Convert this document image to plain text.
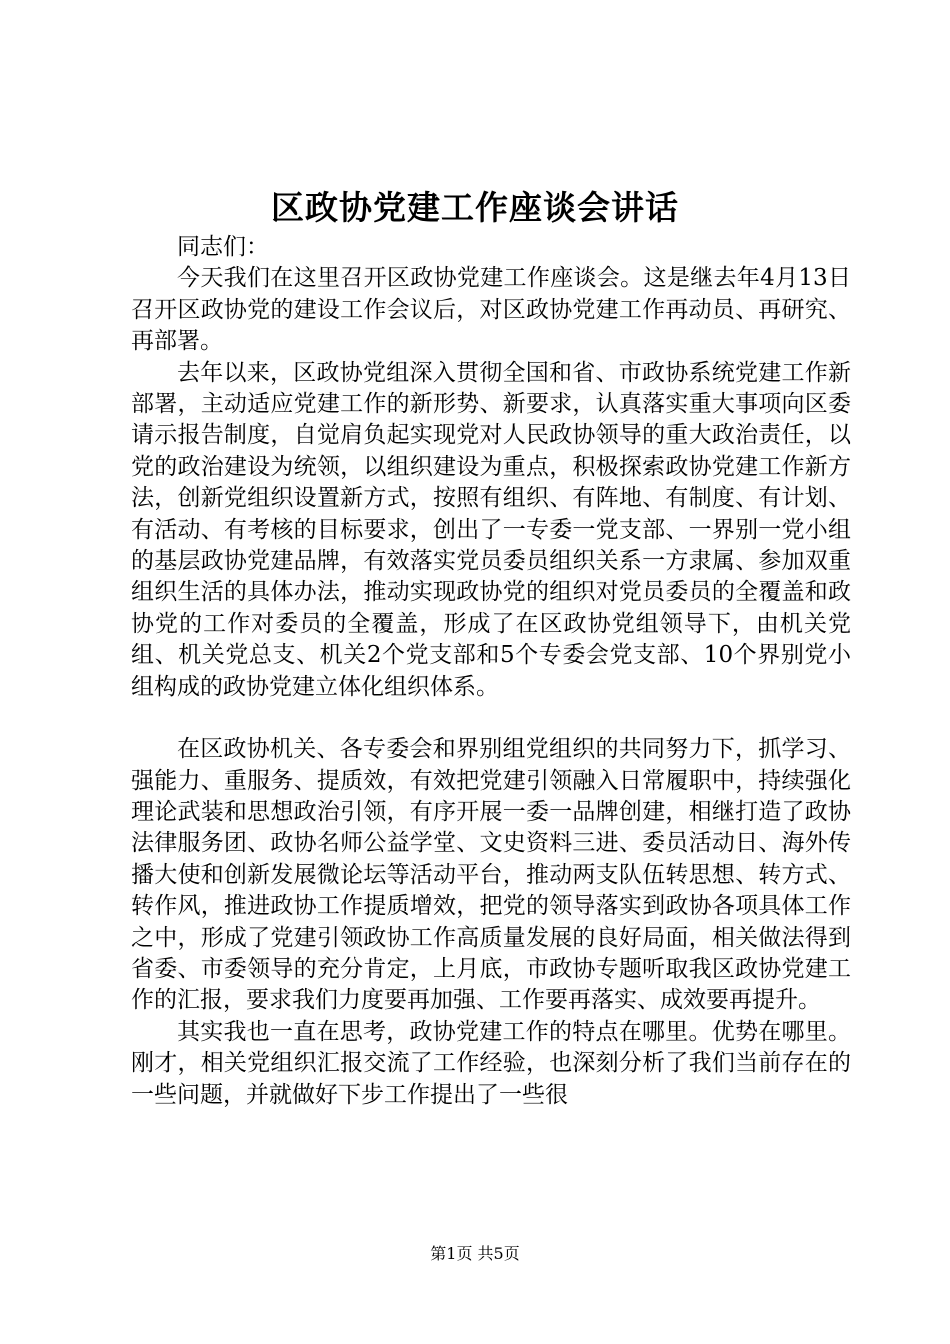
区政协党建工作座谈会讲话

同志们：

今天我们在这里召开区政协党建工作座谈会。这是继去年4月13日召开区政协党的建设工作会议后，对区政协党建工作再动员、再研究、再部署。

去年以来，区政协党组深入贯彻全国和省、市政协系统党建工作新部署，主动适应党建工作的新形势、新要求，认真落实重大事项向区委请示报告制度，自觉肩负起实现党对人民政协领导的重大政治责任，以党的政治建设为统领，以组织建设为重点，积极探索政协党建工作新方法，创新党组织设置新方式，按照有组织、有阵地、有制度、有计划、有活动、有考核的目标要求，创出了一专委一党支部、一界别一党小组的基层政协党建品牌，有效落实党员委员组织关系一方隶属、参加双重组织生活的具体办法，推动实现政协党的组织对党员委员的全覆盖和政协党的工作对委员的全覆盖，形成了在区政协党组领导下，由机关党组、机关党总支、机关2个党支部和5个专委会党支部、10个界别党小组构成的政协党建立体化组织体系。

在区政协机关、各专委会和界别组党组织的共同努力下，抓学习、强能力、重服务、提质效，有效把党建引领融入日常履职中，持续强化理论武装和思想政治引领，有序开展一委一品牌创建，相继打造了政协法律服务团、政协名师公益学堂、文史资料三进、委员活动日、海外传播大使和创新发展微论坛等活动平台，推动两支队伍转思想、转方式、转作风，推进政协工作提质增效，把党的领导落实到政协各项具体工作之中，形成了党建引领政协工作高质量发展的良好局面，相关做法得到省委、市委领导的充分肯定，上月底，市政协专题听取我区政协党建工作的汇报，要求我们力度要再加强、工作要再落实、成效要再提升。

其实我也一直在思考，政协党建工作的特点在哪里。优势在哪里。刚才，相关党组织汇报交流了工作经验，也深刻分析了我们当前存在的一些问题，并就做好下步工作提出了一些很

第1页 共5页
